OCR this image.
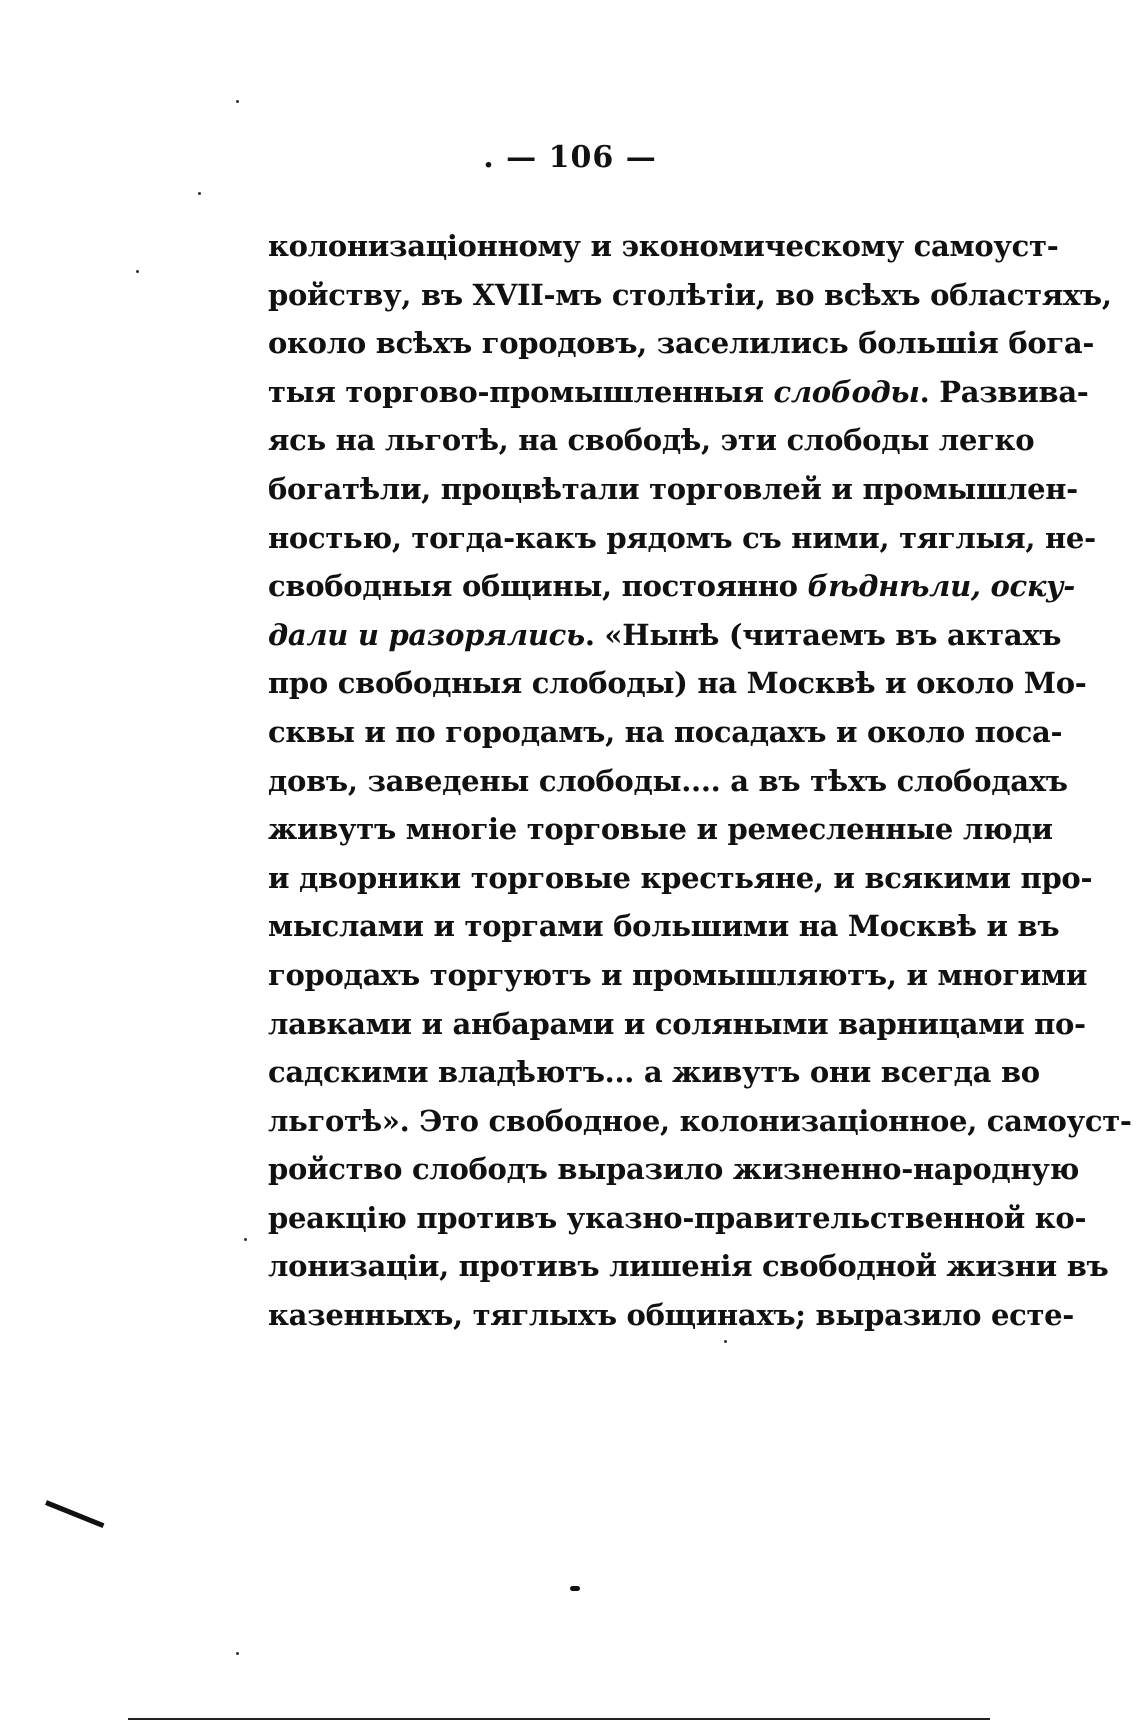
. — 106 —
колонизаціонному и экономическому самоуст-
ройству, въ XVII-мъ столѣтіи, во всѣхъ областяхъ,
около всѣхъ городовъ, заселились большія бога-
тыя торгово-промышленныя слободы. Развива-
ясь на льготѣ, на свободѣ, эти слободы легко
богатѣли, процвѣтали торговлей и промышлен-
ностью, тогда-какъ рядомъ съ ними, тяглыя, не-
свободныя общины, постоянно бѣднѣли, оску-
дали и разорялись. «Нынѣ (читаемъ въ актахъ
про свободныя слободы) на Москвѣ и около Мо-
сквы и по городамъ, на посадахъ и около поса-
довъ, заведены слободы.... а въ тѣхъ слободахъ
живутъ многіе торговые и ремесленные люди
и дворники торговые крестьяне, и всякими про-
мыслами и торгами большими на Москвѣ и въ
городахъ торгуютъ и промышляютъ, и многими
лавками и анбарами и соляными варницами по-
садскими владѣютъ... а живутъ они всегда во
льготѣ». Это свободное, колонизаціонное, самоуст-
ройство слободъ выразило жизненно-народную
реакцію противъ указно-правительственной ко-
лонизаціи, противъ лишенія свободной жизни въ
казенныхъ, тяглыхъ общинахъ; выразило есте-
